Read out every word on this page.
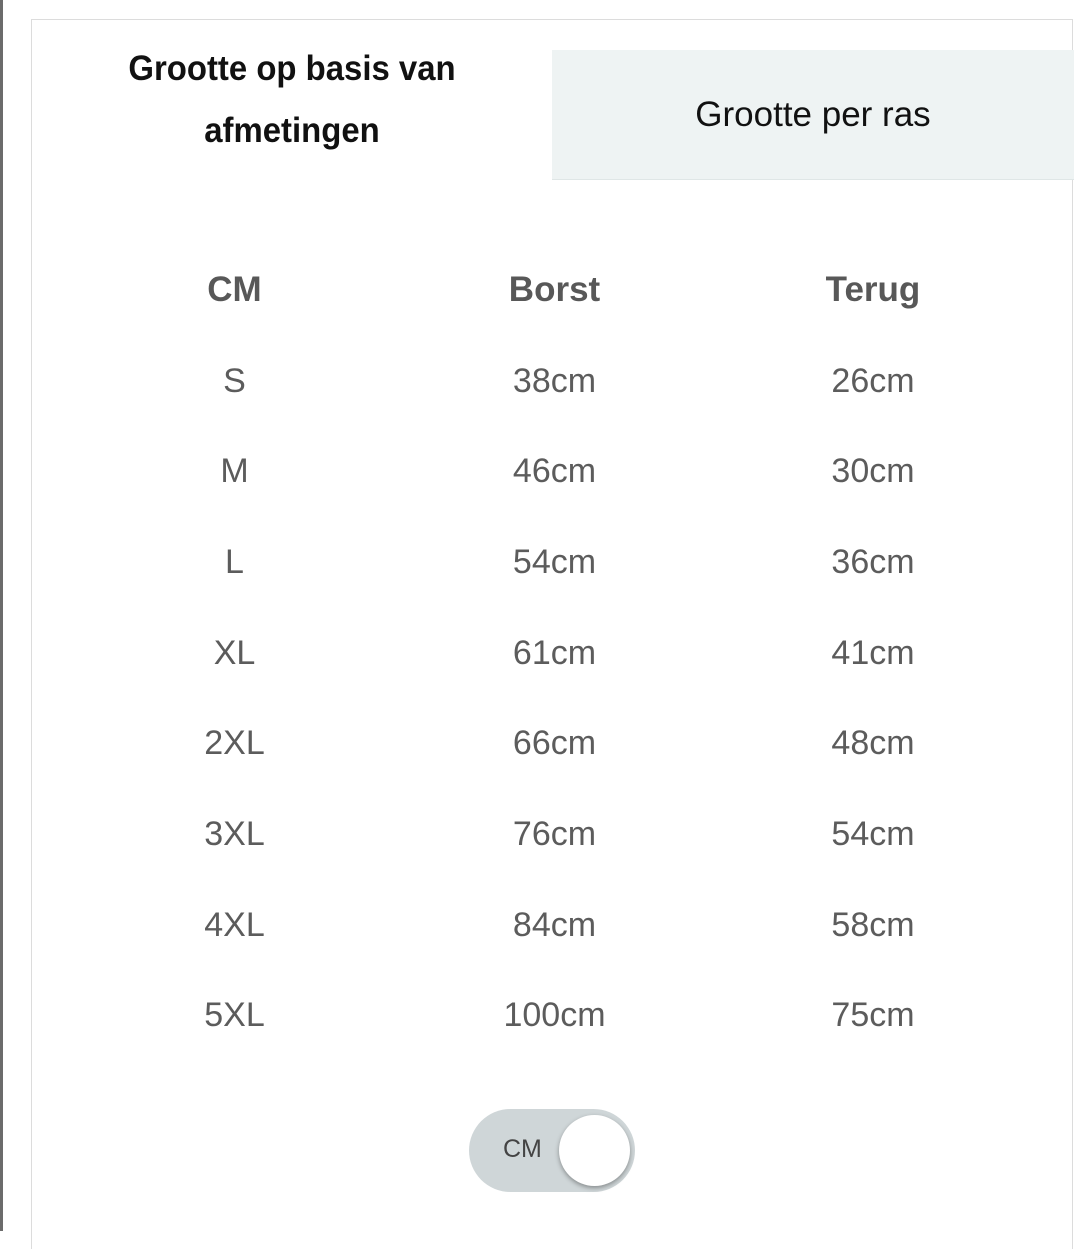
Grootte op basis van afmetingen	Grootte per ras
CM	Borst	Terug
S	38cm	26cm
M	46cm	30cm
L	54cm	36cm
XL	61cm	41cm
2XL	66cm	48cm
3XL	76cm	54cm
4XL	84cm	58cm
5XL	100cm	75cm
CM
